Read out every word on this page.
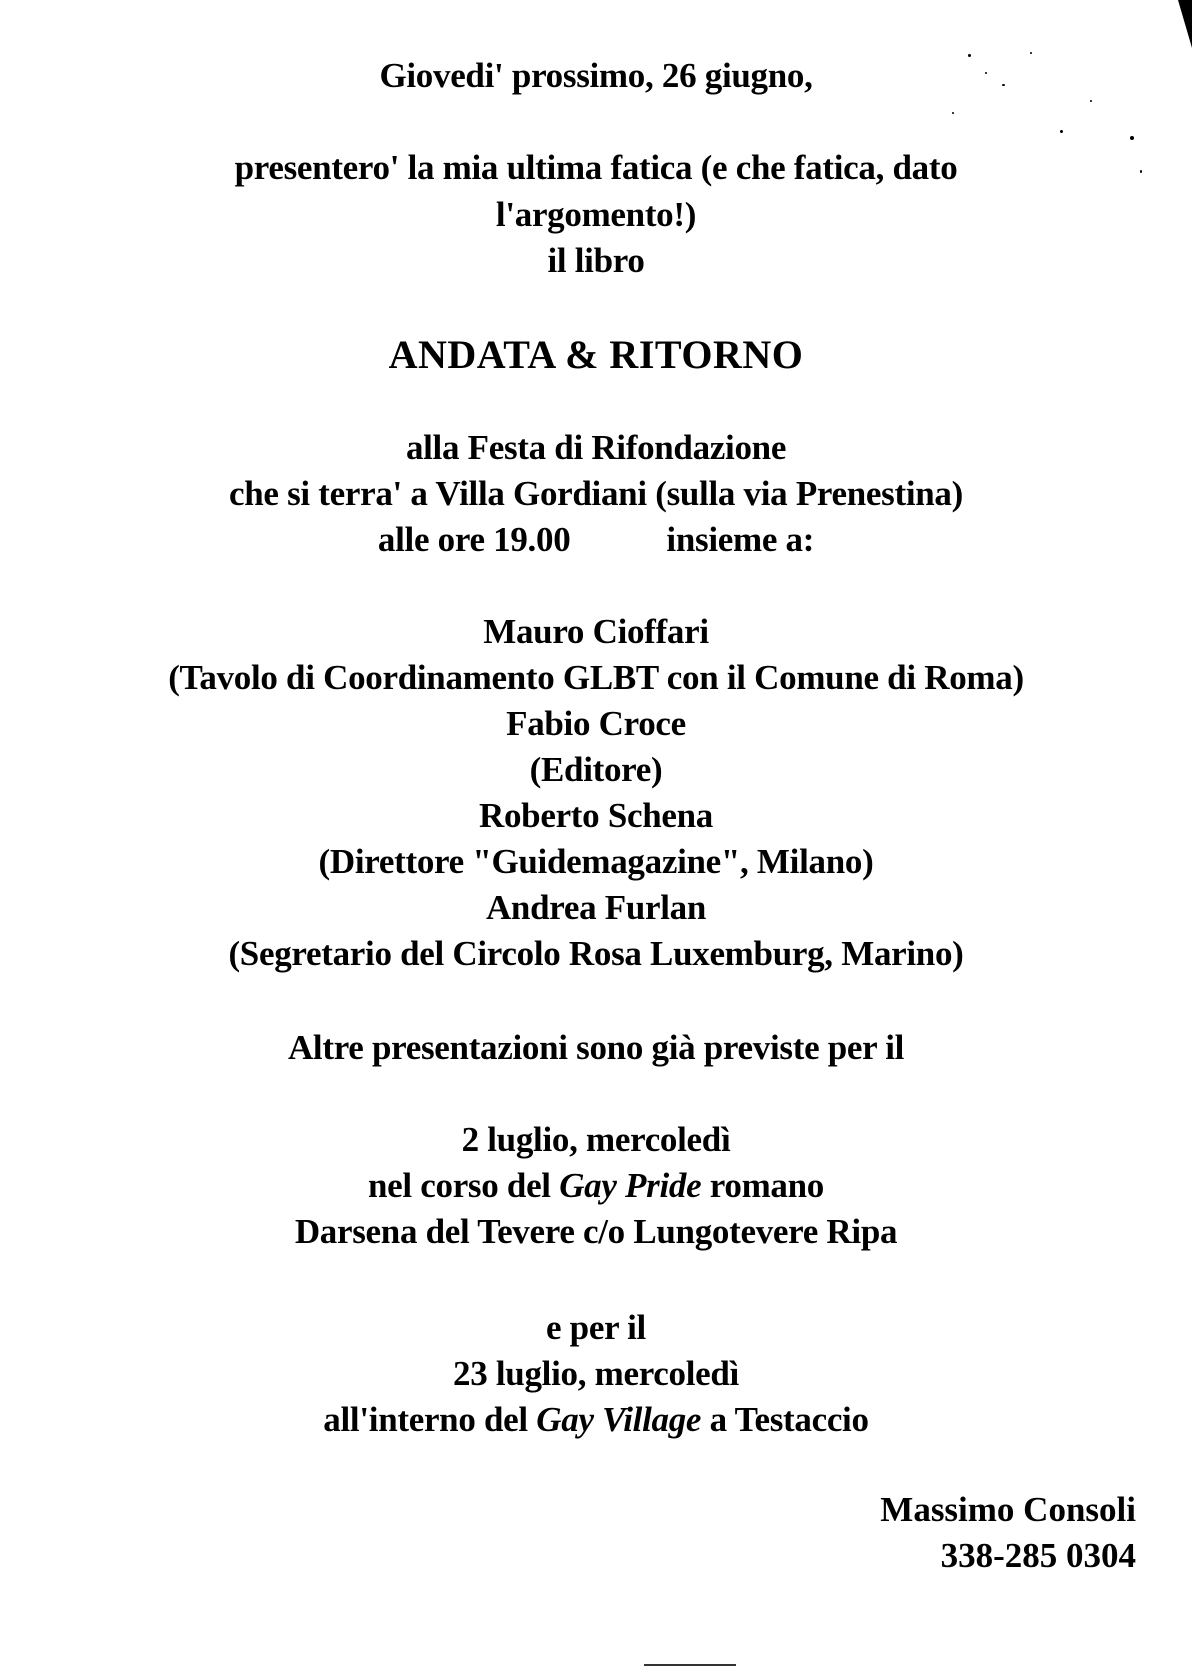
Giovedi' prossimo, 26 giugno,
presentero' la mia ultima fatica (e che fatica, dato
l'argomento!)
il libro
ANDATA & RITORNO
alla Festa di Rifondazione
che si terra' a Villa Gordiani (sulla via Prenestina)
alle ore 19.00	insieme a:
Mauro Cioffari
(Tavolo di Coordinamento GLBT con il Comune di Roma)
Fabio Croce
(Editore)
Roberto Schena
(Direttore "Guidemagazine", Milano)
Andrea Furlan
(Segretario del Circolo Rosa Luxemburg, Marino)
Altre presentazioni sono già previste per il
2 luglio, mercoledì
nel corso del Gay Pride romano
Darsena del Tevere c/o Lungotevere Ripa
e per il
23 luglio, mercoledì
all'interno del Gay Village a Testaccio
Massimo Consoli
338-285 0304
